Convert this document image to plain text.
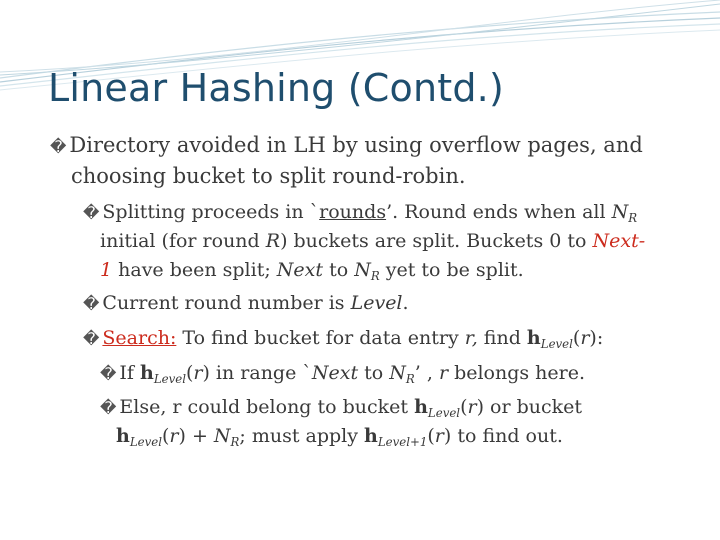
Linear Hashing (Contd.)
� Directory avoided in LH by using overflow pages, and
choosing bucket to split round-robin.
� Splitting proceeds in `rounds’. Round ends when all $N_R$
initial (for round R) buckets are split. Buckets 0 to Next-
1 have been split; Next to $N_R$ yet to be split.
� Current round number is Level.
� Search: To find bucket for data entry r, find $h_{Level}(r)$:
� If $h_{Level}(r)$ in range `Next to $N_R$’ , r belongs here.
� Else, r could belong to bucket $h_{Level}(r)$ or bucket
$h_{Level}(r) + N_R$; must apply $h_{Level+1}(r)$ to find out.
